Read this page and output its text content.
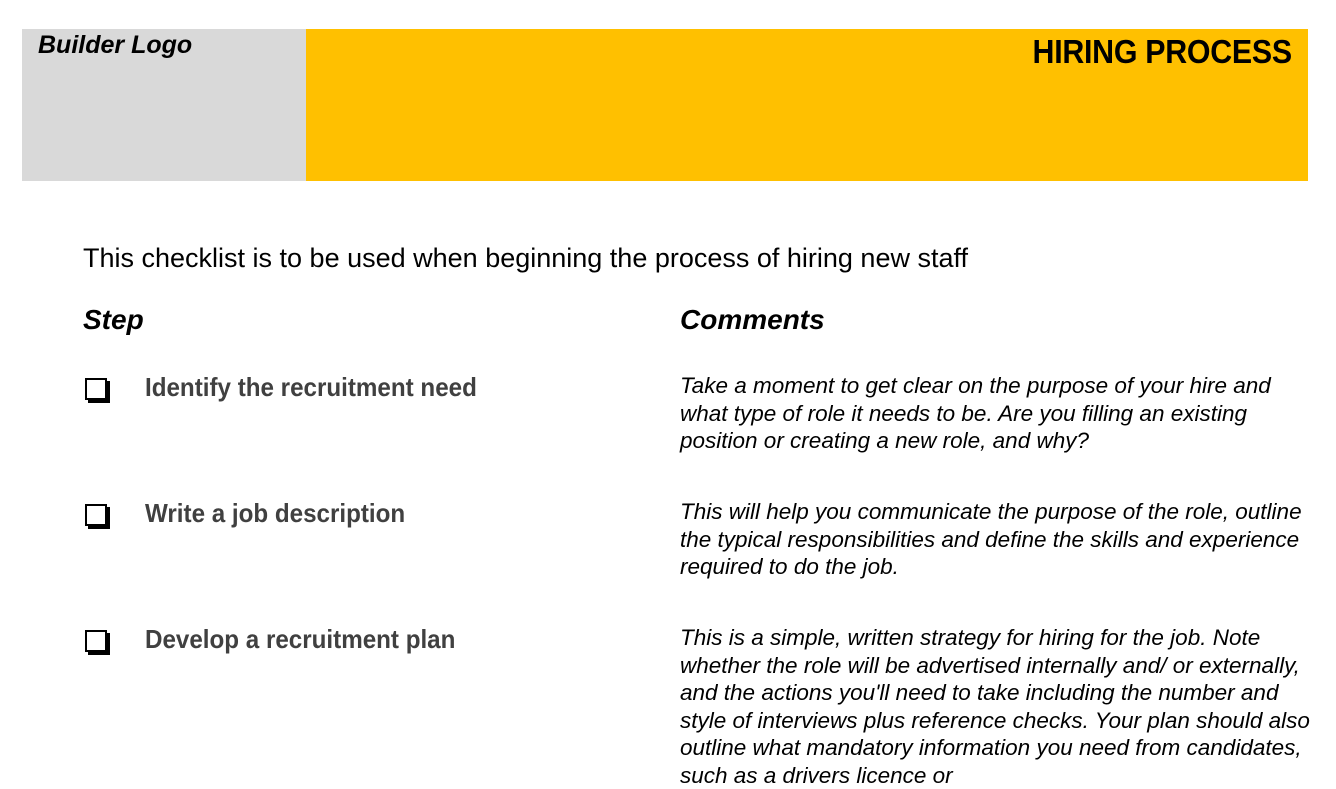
Builder Logo	HIRING PROCESS
This checklist is to be used when beginning the process of hiring new staff
Step	Comments
Identify the recruitment need	Take a moment to get clear on the purpose of your hire and what type of role it needs to be. Are you filling an existing position or creating a new role, and why?
Write a job description	This will help you communicate the purpose of the role, outline the typical responsibilities and define the skills and experience required to do the job.
Develop a recruitment plan	This is a simple, written strategy for hiring for the job. Note whether the role will be advertised internally and/ or externally, and the actions you'll need to take including the number and style of interviews plus reference checks. Your plan should also outline what mandatory information you need from candidates, such as a drivers licence or
